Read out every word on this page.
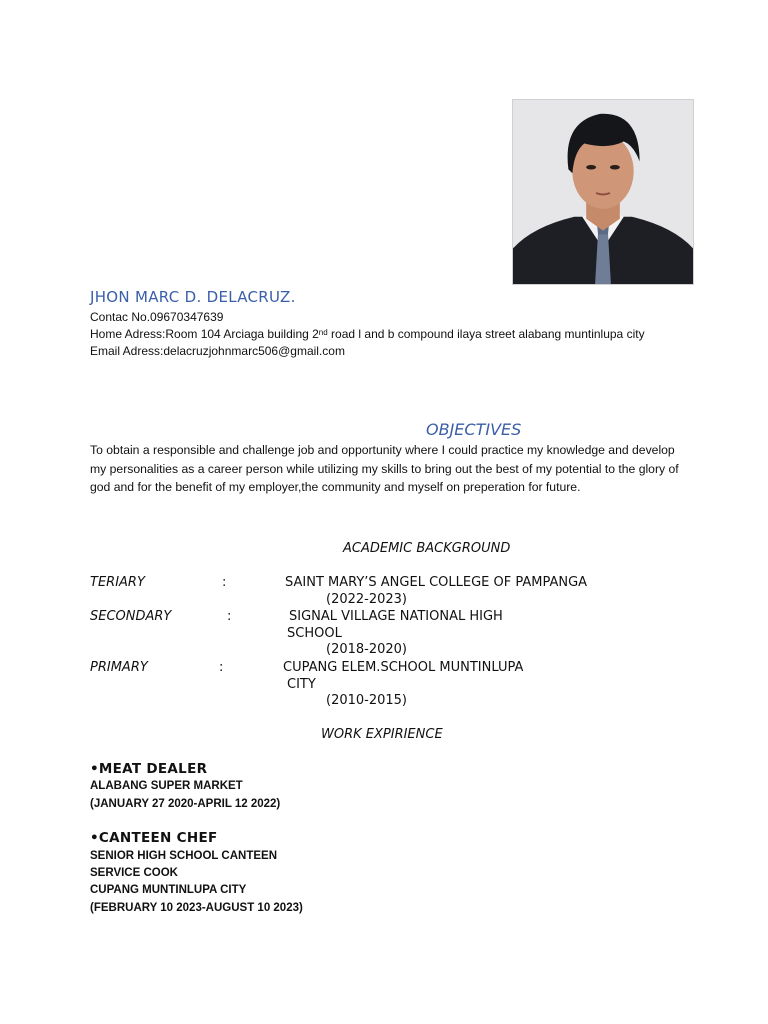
JHON MARC D. DELACRUZ.
Contac No.09670347639
Home Adress:Room 104 Arciaga building 2nd road l and b compound ilaya street alabang muntinlupa city
Email Adress:delacruzjohnmarc506@gmail.com
OBJECTIVES
To obtain a responsible and challenge job and opportunity where I could practice my knowledge and develop my personalities as a career person while utilizing my skills to bring out the best of my potential to the glory of god and for the benefit of my employer,the community and myself on preperation for future.
ACADEMIC BACKGROUND
TERIARY	:	SAINT MARY’S ANGEL COLLEGE OF PAMPANGA
(2022-2023)
SECONDARY	:	SIGNAL VILLAGE NATIONAL HIGH
SCHOOL
(2018-2020)
PRIMARY	:	CUPANG ELEM.SCHOOL MUNTINLUPA
CITY
(2010-2015)
WORK EXPIRIENCE
•MEAT DEALER
ALABANG SUPER MARKET
(JANUARY 27 2020-APRIL 12 2022)
•CANTEEN CHEF
SENIOR HIGH SCHOOL CANTEEN
SERVICE COOK
CUPANG MUNTINLUPA CITY
(FEBRUARY 10 2023-AUGUST 10 2023)
